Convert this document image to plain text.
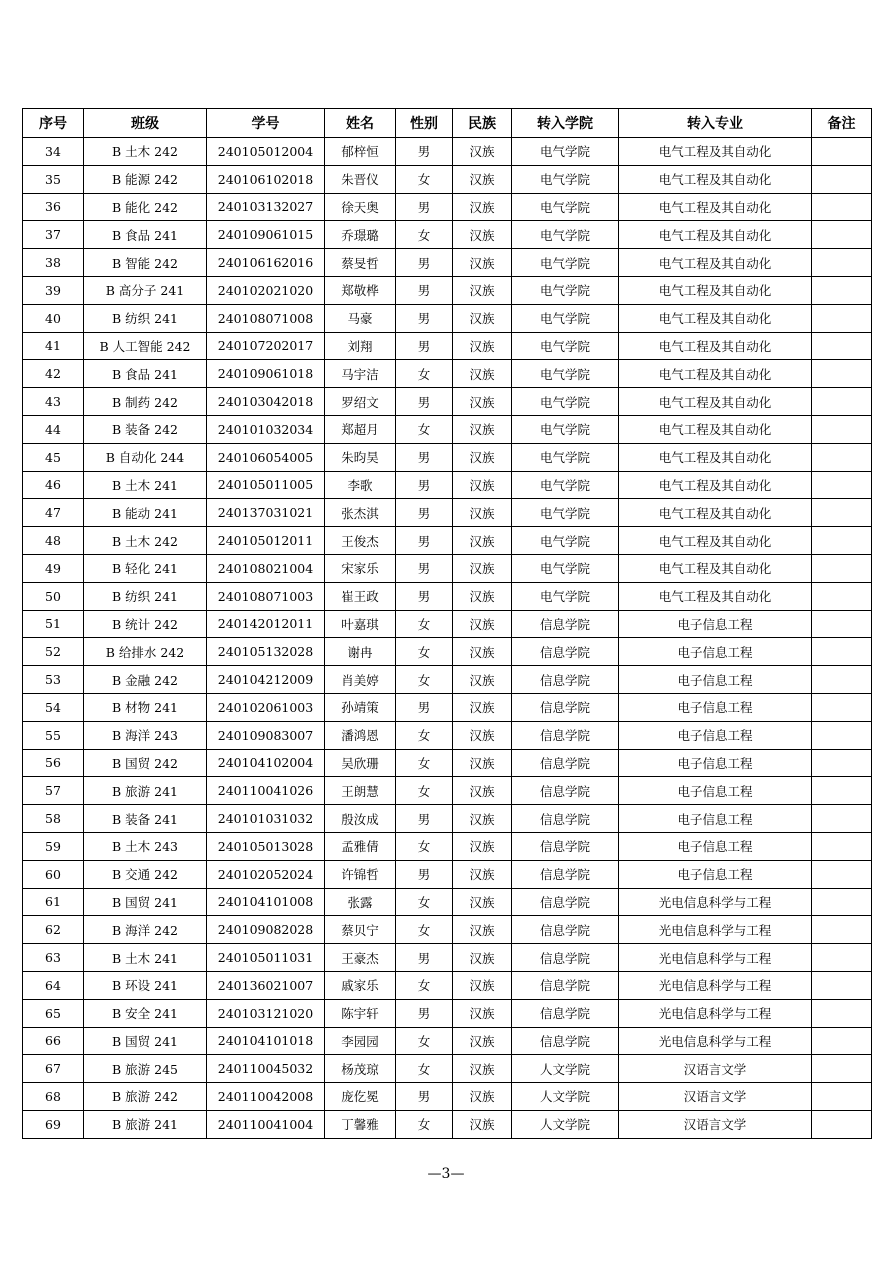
序号	班级	学号	姓名	性别	民族	转入学院	转入专业	备注
34	B 土木 242	240105012004	郁梓恒	男	汉族	电气学院	电气工程及其自动化	
35	B 能源 242	240106102018	朱晋仪	女	汉族	电气学院	电气工程及其自动化	
36	B 能化 242	240103132027	徐天奥	男	汉族	电气学院	电气工程及其自动化	
37	B 食品 241	240109061015	乔璟璐	女	汉族	电气学院	电气工程及其自动化	
38	B 智能 242	240106162016	蔡旻哲	男	汉族	电气学院	电气工程及其自动化	
39	B 高分子 241	240102021020	郑敬桦	男	汉族	电气学院	电气工程及其自动化	
40	B 纺织 241	240108071008	马豪	男	汉族	电气学院	电气工程及其自动化	
41	B 人工智能 242	240107202017	刘翔	男	汉族	电气学院	电气工程及其自动化	
42	B 食品 241	240109061018	马宇洁	女	汉族	电气学院	电气工程及其自动化	
43	B 制药 242	240103042018	罗绍文	男	汉族	电气学院	电气工程及其自动化	
44	B 装备 242	240101032034	郑超月	女	汉族	电气学院	电气工程及其自动化	
45	B 自动化 244	240106054005	朱昀昊	男	汉族	电气学院	电气工程及其自动化	
46	B 土木 241	240105011005	李歌	男	汉族	电气学院	电气工程及其自动化	
47	B 能动 241	240137031021	张杰淇	男	汉族	电气学院	电气工程及其自动化	
48	B 土木 242	240105012011	王俊杰	男	汉族	电气学院	电气工程及其自动化	
49	B 轻化 241	240108021004	宋家乐	男	汉族	电气学院	电气工程及其自动化	
50	B 纺织 241	240108071003	崔王政	男	汉族	电气学院	电气工程及其自动化	
51	B 统计 242	240142012011	叶嘉琪	女	汉族	信息学院	电子信息工程	
52	B 给排水 242	240105132028	谢冉	女	汉族	信息学院	电子信息工程	
53	B 金融 242	240104212009	肖美婷	女	汉族	信息学院	电子信息工程	
54	B 材物 241	240102061003	孙靖策	男	汉族	信息学院	电子信息工程	
55	B 海洋 243	240109083007	潘鸿恩	女	汉族	信息学院	电子信息工程	
56	B 国贸 242	240104102004	吴欣珊	女	汉族	信息学院	电子信息工程	
57	B 旅游 241	240110041026	王朗慧	女	汉族	信息学院	电子信息工程	
58	B 装备 241	240101031032	殷汝成	男	汉族	信息学院	电子信息工程	
59	B 土木 243	240105013028	孟雅倩	女	汉族	信息学院	电子信息工程	
60	B 交通 242	240102052024	许锦哲	男	汉族	信息学院	电子信息工程	
61	B 国贸 241	240104101008	张露	女	汉族	信息学院	光电信息科学与工程	
62	B 海洋 242	240109082028	蔡贝宁	女	汉族	信息学院	光电信息科学与工程	
63	B 土木 241	240105011031	王豪杰	男	汉族	信息学院	光电信息科学与工程	
64	B 环设 241	240136021007	戚家乐	女	汉族	信息学院	光电信息科学与工程	
65	B 安全 241	240103121020	陈宇轩	男	汉族	信息学院	光电信息科学与工程	
66	B 国贸 241	240104101018	李园园	女	汉族	信息学院	光电信息科学与工程	
67	B 旅游 245	240110045032	杨茂琼	女	汉族	人文学院	汉语言文学	
68	B 旅游 242	240110042008	庞仡冕	男	汉族	人文学院	汉语言文学	
69	B 旅游 241	240110041004	丁馨雅	女	汉族	人文学院	汉语言文学	
—3—
